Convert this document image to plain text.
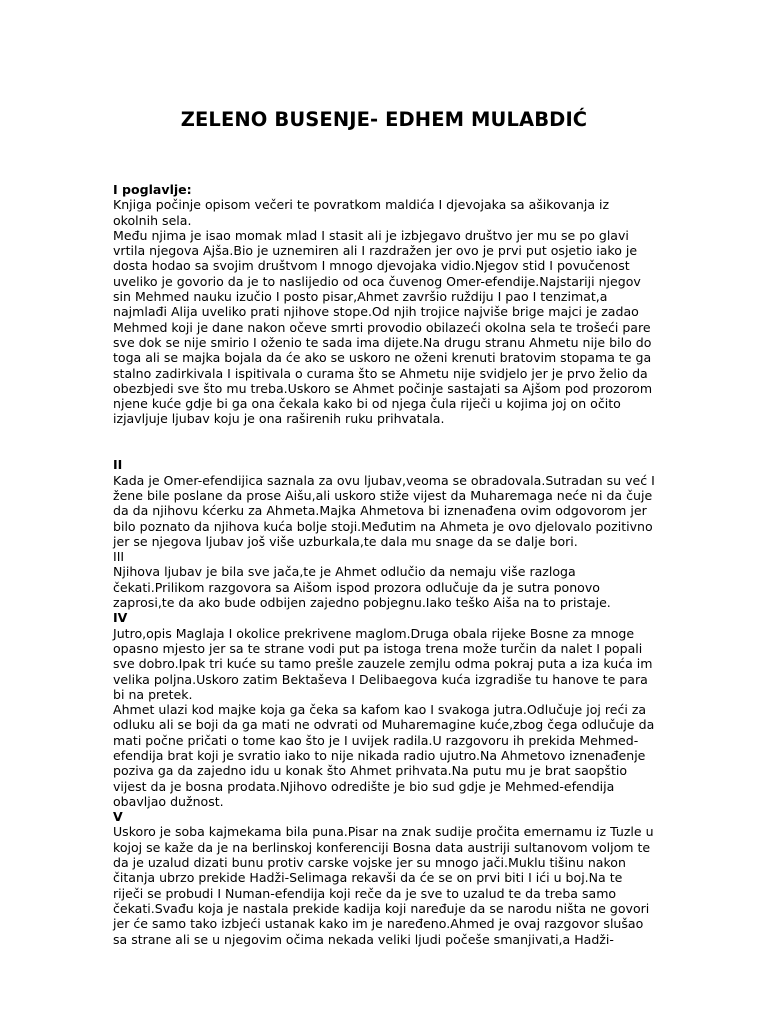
ZELENO BUSENJE- EDHEM MULABDIĆ

I poglavlje:

Knjiga počinje opisom večeri te povratkom maldića I djevojaka sa ašikovanja iz

okolnih sela.

Među njima je isao momak mlad I stasit ali je izbjegavo društvo jer mu se po glavi

vrtila njegova Ajša.Bio je uznemiren ali I razdražen jer ovo je prvi put osjetio iako je

dosta hodao sa svojim društvom I mnogo djevojaka vidio.Njegov stid I povučenost

uveliko je govorio da je to naslijedio od oca čuvenog Omer-efendije.Najstariji njegov

sin Mehmed nauku izučio I posto pisar,Ahmet završio ruždiju I pao I tenzimat,a

najmlađi Alija uveliko prati njihove stope.Od njih trojice najviše brige majci je zadao

Mehmed koji je dane nakon očeve smrti provodio obilazeći okolna sela te trošeći pare

sve dok se nije smirio I oženio te sada ima dijete.Na drugu stranu Ahmetu nije bilo do

toga ali se majka bojala da će ako se uskoro ne oženi krenuti bratovim stopama te ga

stalno zadirkivala I ispitivala o curama što se Ahmetu nije svidjelo jer je prvo želio da

obezbjedi sve što mu treba.Uskoro se Ahmet počinje sastajati sa Ajšom pod prozorom

njene kuće gdje bi ga ona čekala kako bi od njega čula riječi u kojima joj on očito

izjavljuje ljubav koju je ona raširenih ruku prihvatala.

II

Kada je Omer-efendijica saznala za ovu ljubav,veoma se obradovala.Sutradan su već I

žene bile poslane da prose Aišu,ali uskoro stiže vijest da Muharemaga neće ni da čuje

da da njihovu kćerku za Ahmeta.Majka Ahmetova bi iznenađena ovim odgovorom jer

bilo poznato da njihova kuća bolje stoji.Međutim na Ahmeta je ovo djelovalo pozitivno

jer se njegova ljubav još više uzburkala,te dala mu snage da se dalje bori.

III

Njihova ljubav je bila sve jača,te je Ahmet odlučio da nemaju više razloga

čekati.Prilikom razgovora sa Aišom ispod prozora odlučuje da je sutra ponovo

zaprosi,te da ako bude odbijen zajedno pobjegnu.Iako teško Aiša na to pristaje.

IV

Jutro,opis Maglaja I okolice prekrivene maglom.Druga obala rijeke Bosne za mnoge

opasno mjesto jer sa te strane vodi put pa istoga trena može turčin da nalet I popali

sve dobro.Ipak tri kuće su tamo prešle zauzele zemjlu odma pokraj puta a iza kuća im

velika poljna.Uskoro zatim Bektaševa I Delibaegova kuća izgradiše tu hanove te para

bi na pretek.

Ahmet ulazi kod majke koja ga čeka sa kafom kao I svakoga jutra.Odlučuje joj reći za

odluku ali se boji da ga mati ne odvrati od Muharemagine kuće,zbog čega odlučuje da

mati počne pričati o tome kao što je I uvijek radila.U razgovoru ih prekida Mehmed-

efendija brat koji je svratio iako to nije nikada radio ujutro.Na Ahmetovo iznenađenje

poziva ga da zajedno idu u konak što Ahmet prihvata.Na putu mu je brat saopštio

vijest da je bosna prodata.Njihovo odredište je bio sud gdje je Mehmed-efendija

obavljao dužnost.

V

Uskoro je soba kajmekama bila puna.Pisar na znak sudije pročita emernamu iz Tuzle u

kojoj se kaže da je na berlinskoj konferenciji Bosna data austriji sultanovom voljom te

da je uzalud dizati bunu protiv carske vojske jer su mnogo jači.Muklu tišinu nakon

čitanja ubrzo prekide Hadži-Selimaga rekavši da će se on prvi biti I ići u boj.Na te

riječi se probudi I Numan-efendija koji reče da je sve to uzalud te da treba samo

čekati.Svađu koja je nastala prekide kadija koji naređuje da se narodu ništa ne govori

jer će samo tako izbjeći ustanak kako im je naređeno.Ahmed je ovaj razgovor slušao

sa strane ali se u njegovim očima nekada veliki ljudi počeše smanjivati,a Hadži-
